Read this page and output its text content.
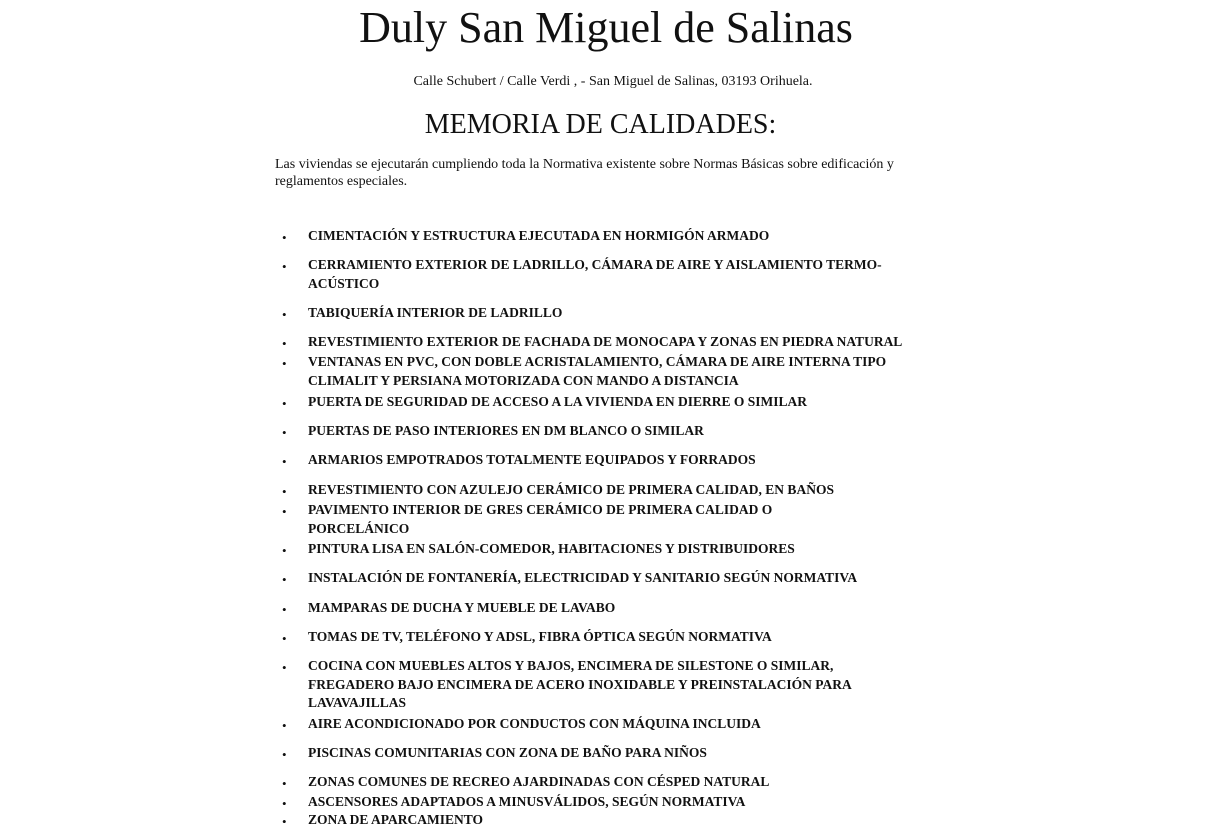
Duly San Miguel de Salinas
Calle Schubert / Calle Verdi , - San Miguel de Salinas, 03193 Orihuela.
MEMORIA DE CALIDADES:
Las viviendas se ejecutarán cumpliendo toda la Normativa existente sobre Normas Básicas sobre edificación y reglamentos especiales.
• CIMENTACIÓN Y ESTRUCTURA EJECUTADA EN HORMIGÓN ARMADO
• CERRAMIENTO EXTERIOR DE LADRILLO, CÁMARA DE AIRE Y AISLAMIENTO TERMO-ACÚSTICO
• TABIQUERÍA INTERIOR DE LADRILLO
• REVESTIMIENTO EXTERIOR DE FACHADA DE MONOCAPA Y ZONAS EN PIEDRA NATURAL
• VENTANAS EN PVC, CON DOBLE ACRISTALAMIENTO, CÁMARA DE AIRE INTERNA TIPO CLIMALIT Y PERSIANA MOTORIZADA CON MANDO A DISTANCIA
• PUERTA DE SEGURIDAD DE ACCESO A LA VIVIENDA EN DIERRE O SIMILAR
• PUERTAS DE PASO INTERIORES EN DM BLANCO O SIMILAR
• ARMARIOS EMPOTRADOS TOTALMENTE EQUIPADOS Y FORRADOS
• REVESTIMIENTO CON AZULEJO CERÁMICO DE PRIMERA CALIDAD, EN BAÑOS
• PAVIMENTO INTERIOR DE GRES CERÁMICO DE PRIMERA CALIDAD O PORCELÁNICO
• PINTURA LISA EN SALÓN-COMEDOR, HABITACIONES Y DISTRIBUIDORES
• INSTALACIÓN DE FONTANERÍA, ELECTRICIDAD Y SANITARIO SEGÚN NORMATIVA
• MAMPARAS DE DUCHA Y MUEBLE DE LAVABO
• TOMAS DE TV, TELÉFONO Y ADSL, FIBRA ÓPTICA SEGÚN NORMATIVA
• COCINA CON MUEBLES ALTOS Y BAJOS, ENCIMERA DE SILESTONE O SIMILAR, FREGADERO BAJO ENCIMERA DE ACERO INOXIDABLE Y PREINSTALACIÓN PARA LAVAVAJILLAS
• AIRE ACONDICIONADO POR CONDUCTOS CON MÁQUINA INCLUIDA
• PISCINAS COMUNITARIAS CON ZONA DE BAÑO PARA NIÑOS
• ZONAS COMUNES DE RECREO AJARDINADAS CON CÉSPED NATURAL
• ASCENSORES ADAPTADOS A MINUSVÁLIDOS, SEGÚN NORMATIVA
• ZONA DE APARCAMIENTO
